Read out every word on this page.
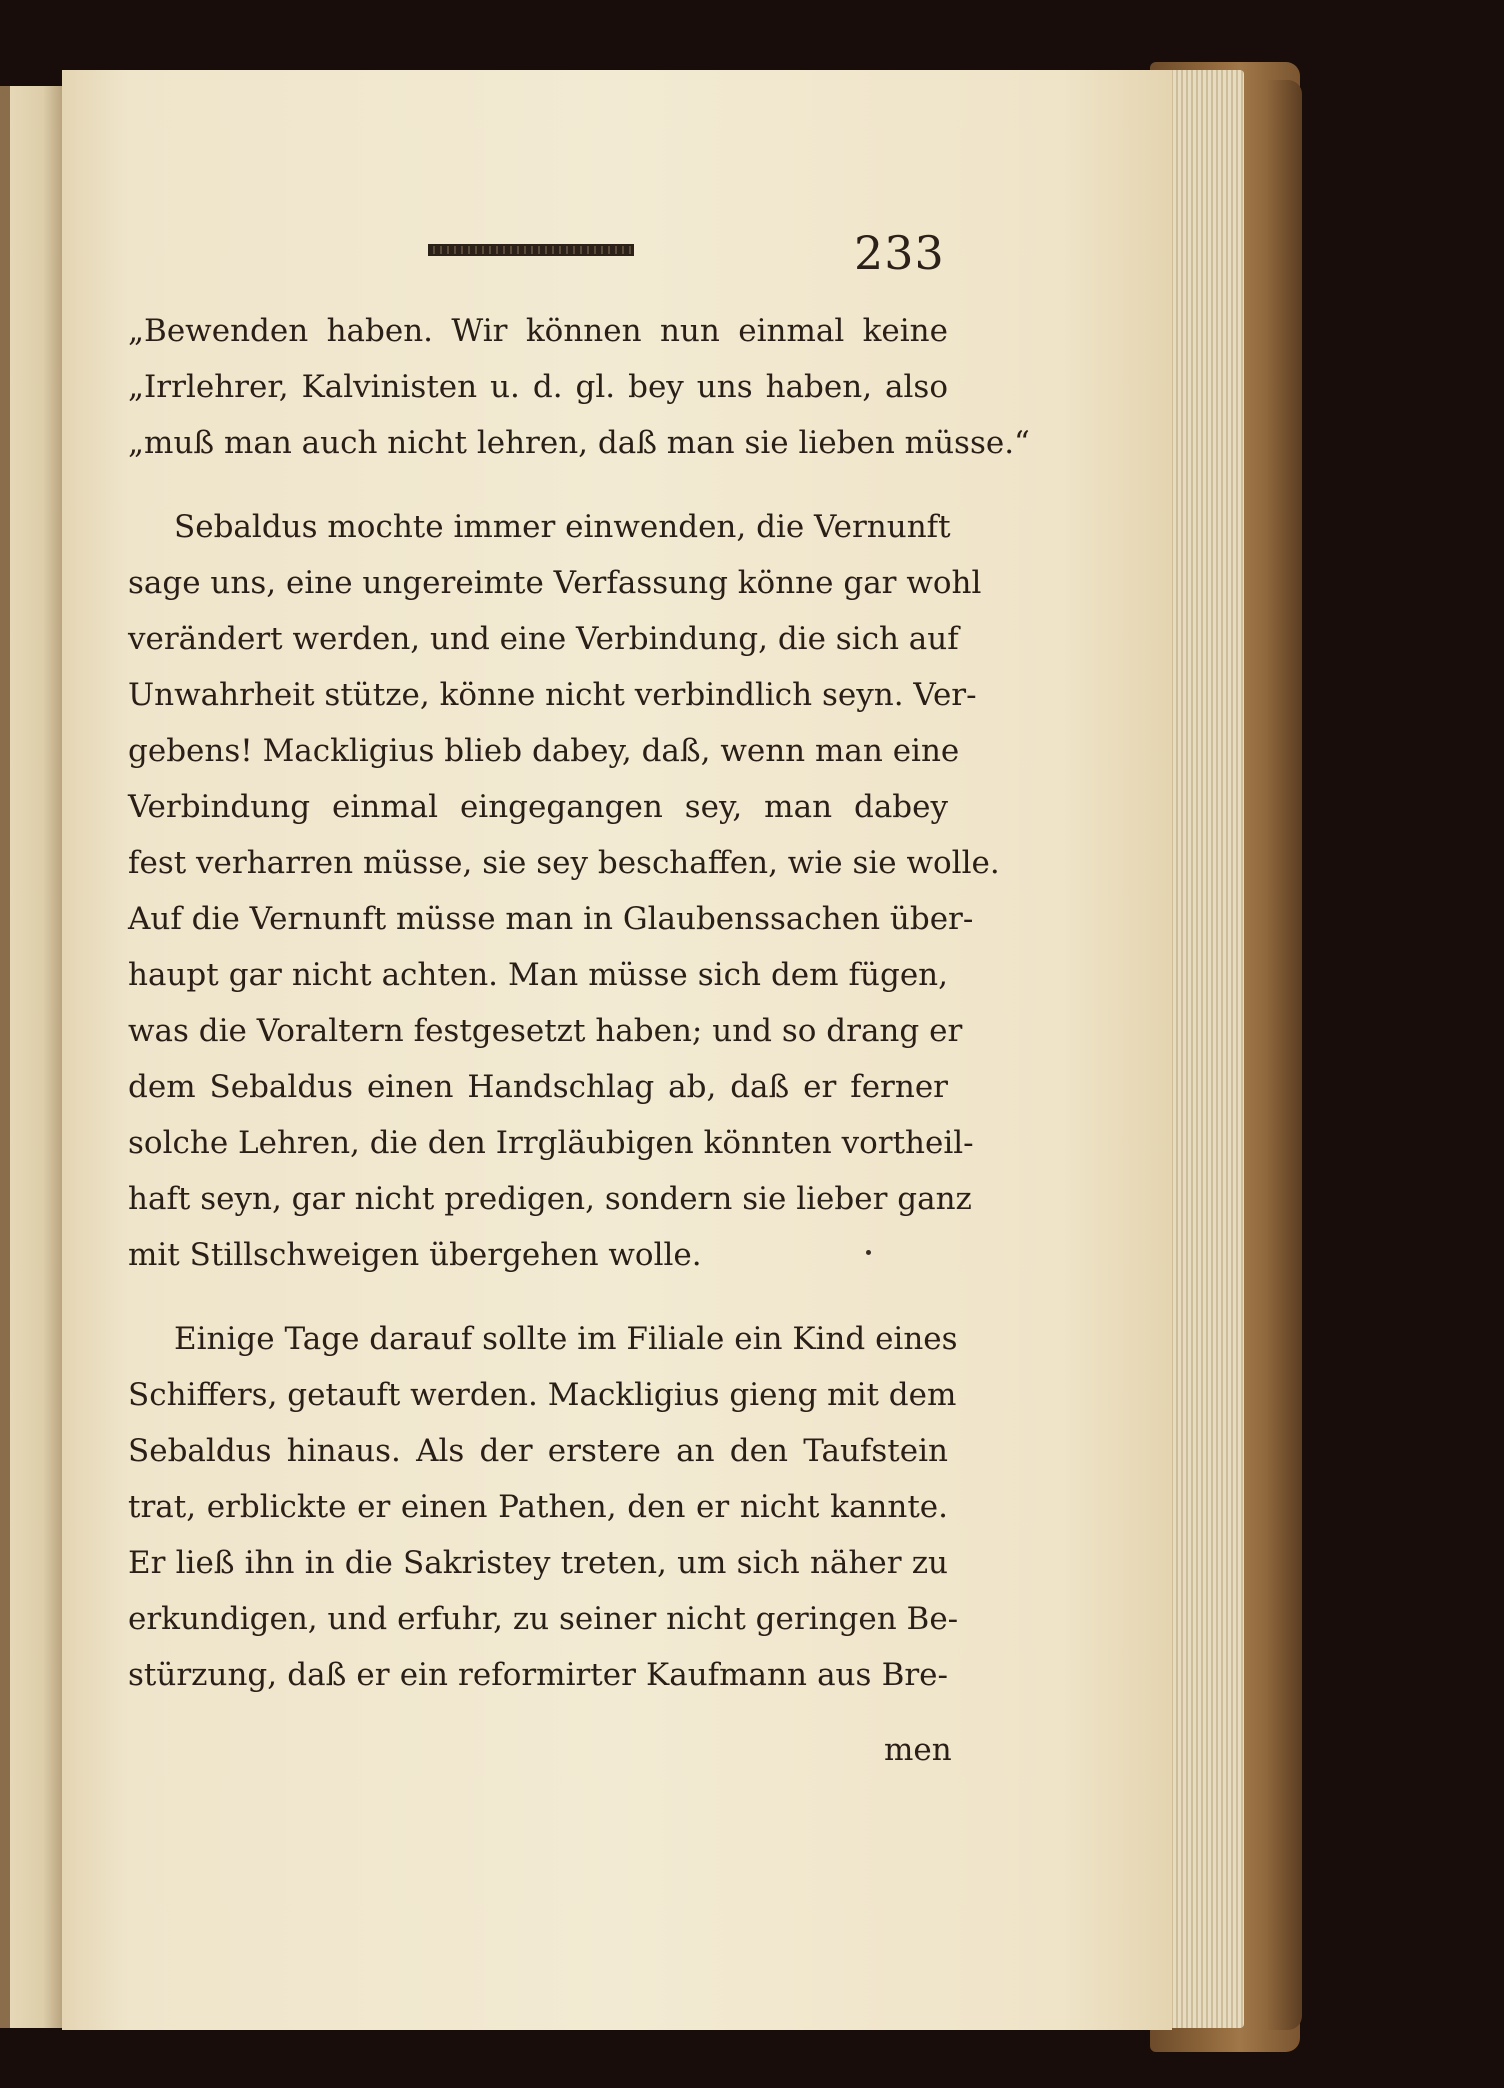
233
„Bewenden haben. Wir können nun einmal keine
„Irrlehrer, Kalvinisten u. d. gl. bey uns haben, also
„muß man auch nicht lehren, daß man sie lieben müsse.“
Sebaldus mochte immer einwenden, die Vernunft
sage uns, eine ungereimte Verfassung könne gar wohl
verändert werden, und eine Verbindung, die sich auf
Unwahrheit stütze, könne nicht verbindlich seyn. Ver-
gebens! Mackligius blieb dabey, daß, wenn man eine
Verbindung einmal eingegangen sey, man dabey
fest verharren müsse, sie sey beschaffen, wie sie wolle.
Auf die Vernunft müsse man in Glaubenssachen über-
haupt gar nicht achten. Man müsse sich dem fügen,
was die Voraltern festgesetzt haben; und so drang er
dem Sebaldus einen Handschlag ab, daß er ferner
solche Lehren, die den Irrgläubigen könnten vortheil-
haft seyn, gar nicht predigen, sondern sie lieber ganz
mit Stillschweigen übergehen wolle.
Einige Tage darauf sollte im Filiale ein Kind eines
Schiffers, getauft werden. Mackligius gieng mit dem
Sebaldus hinaus. Als der erstere an den Taufstein
trat, erblickte er einen Pathen, den er nicht kannte.
Er ließ ihn in die Sakristey treten, um sich näher zu
erkundigen, und erfuhr, zu seiner nicht geringen Be-
stürzung, daß er ein reformirter Kaufmann aus Bre-
men
